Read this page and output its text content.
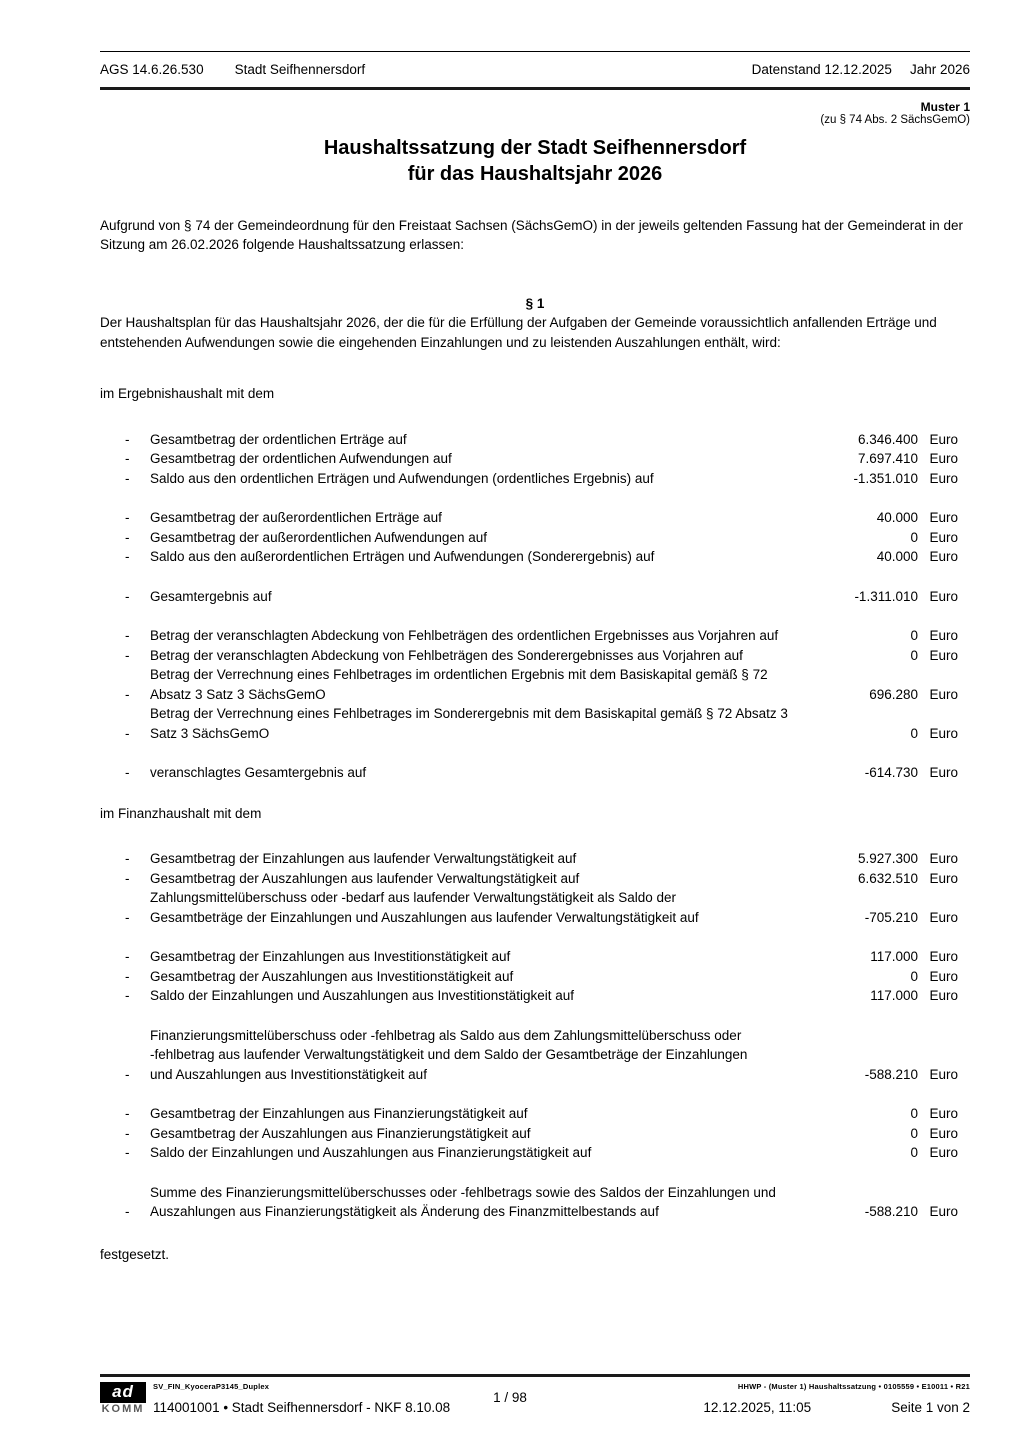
AGS 14.6.26.530 Stadt Seifhennersdorf	Datenstand 12.12.2025 Jahr 2026
Muster 1
(zu § 74 Abs. 2 SächsGemO)
Haushaltssatzung der Stadt Seifhennersdorf
für das Haushaltsjahr 2026
Aufgrund von § 74 der Gemeindeordnung für den Freistaat Sachsen (SächsGemO) in der jeweils geltenden Fassung hat der Gemeinderat in der
Sitzung am 26.02.2026 folgende Haushaltssatzung erlassen:
§ 1
Der Haushaltsplan für das Haushaltsjahr 2026, der die für die Erfüllung der Aufgaben der Gemeinde voraussichtlich anfallenden Erträge und
entstehenden Aufwendungen sowie die eingehenden Einzahlungen und zu leistenden Auszahlungen enthält, wird:
im Ergebnishaushalt mit dem
-	Gesamtbetrag der ordentlichen Erträge auf	6.346.400 Euro
-	Gesamtbetrag der ordentlichen Aufwendungen auf	7.697.410 Euro
-	Saldo aus den ordentlichen Erträgen und Aufwendungen (ordentliches Ergebnis) auf	-1.351.010 Euro
-	Gesamtbetrag der außerordentlichen Erträge auf	40.000 Euro
-	Gesamtbetrag der außerordentlichen Aufwendungen auf	0 Euro
-	Saldo aus den außerordentlichen Erträgen und Aufwendungen (Sonderergebnis) auf	40.000 Euro
-	Gesamtergebnis auf	-1.311.010 Euro
-	Betrag der veranschlagten Abdeckung von Fehlbeträgen des ordentlichen Ergebnisses aus Vorjahren auf	0 Euro
-	Betrag der veranschlagten Abdeckung von Fehlbeträgen des Sonderergebnisses aus Vorjahren auf	0 Euro
-
Betrag der Verrechnung eines Fehlbetrages im ordentlichen Ergebnis mit dem Basiskapital gemäß § 72
Absatz 3 Satz 3 SächsGemO	696.280 Euro
-
Betrag der Verrechnung eines Fehlbetrages im Sonderergebnis mit dem Basiskapital gemäß § 72 Absatz 3
Satz 3 SächsGemO	0 Euro
-	veranschlagtes Gesamtergebnis auf	-614.730 Euro
im Finanzhaushalt mit dem
-	Gesamtbetrag der Einzahlungen aus laufender Verwaltungstätigkeit auf	5.927.300 Euro
-	Gesamtbetrag der Auszahlungen aus laufender Verwaltungstätigkeit auf	6.632.510 Euro
-
Zahlungsmittelüberschuss oder -bedarf aus laufender Verwaltungstätigkeit als Saldo der
Gesamtbeträge der Einzahlungen und Auszahlungen aus laufender Verwaltungstätigkeit auf	-705.210 Euro
-	Gesamtbetrag der Einzahlungen aus Investitionstätigkeit auf	117.000 Euro
-	Gesamtbetrag der Auszahlungen aus Investitionstätigkeit auf	0 Euro
-	Saldo der Einzahlungen und Auszahlungen aus Investitionstätigkeit auf	117.000 Euro
-
Finanzierungsmittelüberschuss oder -fehlbetrag als Saldo aus dem Zahlungsmittelüberschuss oder
-fehlbetrag aus laufender Verwaltungstätigkeit und dem Saldo der Gesamtbeträge der Einzahlungen
und Auszahlungen aus Investitionstätigkeit auf	-588.210 Euro
-	Gesamtbetrag der Einzahlungen aus Finanzierungstätigkeit auf	0 Euro
-	Gesamtbetrag der Auszahlungen aus Finanzierungstätigkeit auf	0 Euro
-	Saldo der Einzahlungen und Auszahlungen aus Finanzierungstätigkeit auf	0 Euro
-
Summe des Finanzierungsmittelüberschusses oder -fehlbetrags sowie des Saldos der Einzahlungen und
Auszahlungen aus Finanzierungstätigkeit als Änderung des Finanzmittelbestands auf	-588.210 Euro
festgesetzt.
ad
KOMM
SV_FIN_KyoceraP3145_Duplex
114001001 • Stadt Seifhennersdorf - NKF 8.10.08
1 / 98
HHWP - (Muster 1) Haushaltssatzung • 0105559 • E10011 • R21
12.12.2025, 11:05	Seite 1 von 2
